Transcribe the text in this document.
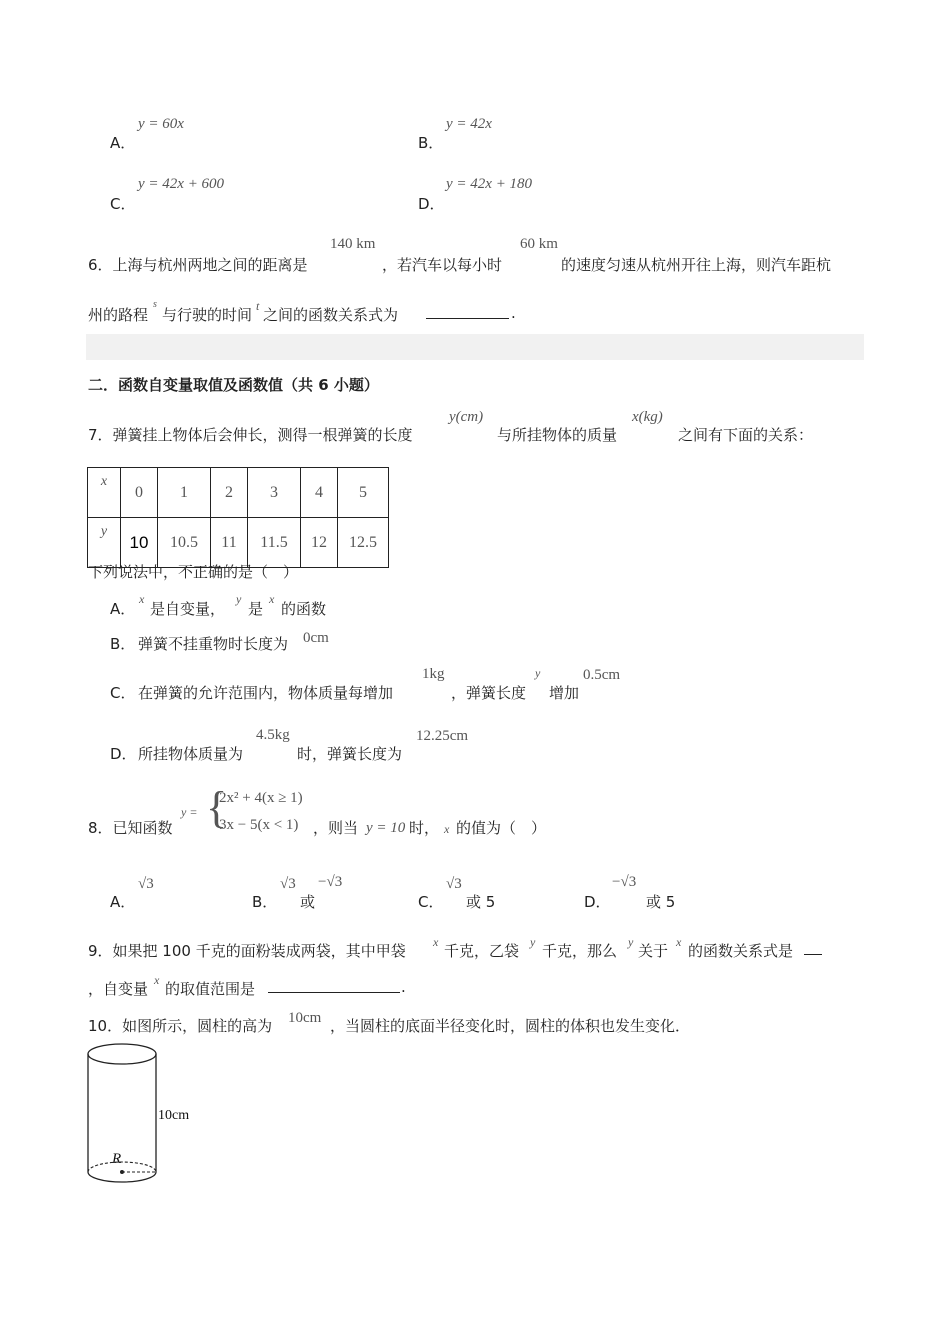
A．
y = 60x
B．
y = 42x
C．
y = 42x + 600
D．
y = 42x + 180
6．上海与杭州两地之间的距离是
140 km
，若汽车以每小时
60 km
的速度匀速从杭州开往上海，则汽车距杭
州的路程
s
与行驶的时间 t 之间的函数关系式为	.
二．函数自变量取值及函数值（共 6 小题）
7．弹簧挂上物体后会伸长，测得一根弹簧的长度
y(cm)
与所挂物体的质量
x(kg)
之间有下面的关系：
x	0	1	2	3	4	5
y	10	10.5	11	11.5	12	12.5
下列说法中，不正确的是（　）
A．
x
是自变量，
y
是
x
的函数
B． 弹簧不挂重物时长度为 0cm
C． 在弹簧的允许范围内，物体质量每增加
1kg
，弹簧长度
y
增加
0.5cm
D． 所挂物体质量为
4.5kg
时，弹簧长度为
12.25cm
8．已知函数
y = {
2x² + 4(x ≥ 1)
3x − 5(x < 1) ，则当 y = 10 时， x 的值为（　）
A．
√3
B．
√3
或
−√3
C．
√3
或 5	D．
−√3
或 5
9．如果把 100 千克的面粉装成两袋，其中甲袋 x 千克，乙袋 y 千克，那么 y 关于 x 的函数关系式是
，自变量 x 的取值范围是	.
10．如图所示，圆柱的高为 10cm ，当圆柱的底面半径变化时，圆柱的体积也发生变化．
10cm
R
